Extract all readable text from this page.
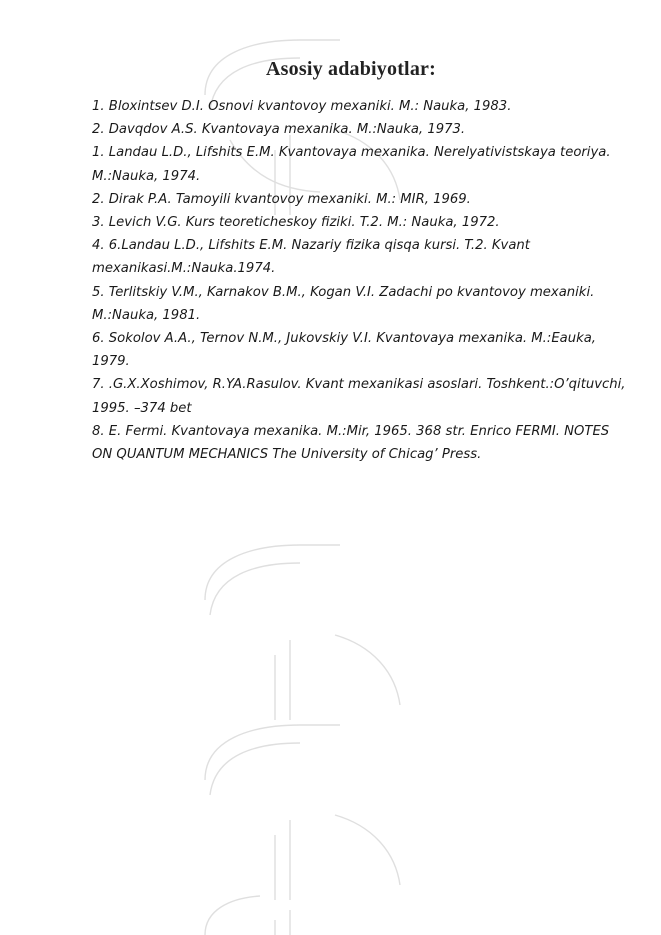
Asosiy adabiyotlar:
1. Bloxintsev D.I. Osnovi kvantovoy mexaniki. M.: Nauka, 1983.
2. Davqdov A.S. Kvantovaya mexanika. M.:Nauka, 1973.
1. Landau L.D., Lifshits E.M. Kvantovaya mexanika. Nerelyativistskaya teoriya. M.:Nauka, 1974.
2. Dirak P.A. Tamoyili kvantovoy mexaniki. M.: MIR, 1969.
3. Levich V.G. Kurs teoreticheskoy fiziki. T.2. M.: Nauka, 1972.
4. 6.Landau L.D., Lifshits E.M. Nazariy fizika qisqa kursi. T.2. Kvant mexanikasi.M.:Nauka.1974.
5. Terlitskiy V.M., Karnakov B.M., Kogan V.I. Zadachi po kvantovoy mexaniki. M.:Nauka, 1981.
6. Sokolov A.A., Ternov N.M., Jukovskiy V.I. Kvantovaya mexanika. M.:Eauka, 1979.
7. .G.X.Xoshimov, R.YA.Rasulov. Kvant mexanikasi asoslari. Toshkent.:O’qituvchi, 1995. –374 bet
8. E. Fermi. Kvantovaya mexanika. M.:Mir, 1965. 368 str. Enrico FERMI. NOTES ON QUANTUM MECHANICS The University of Chicag’ Press.
